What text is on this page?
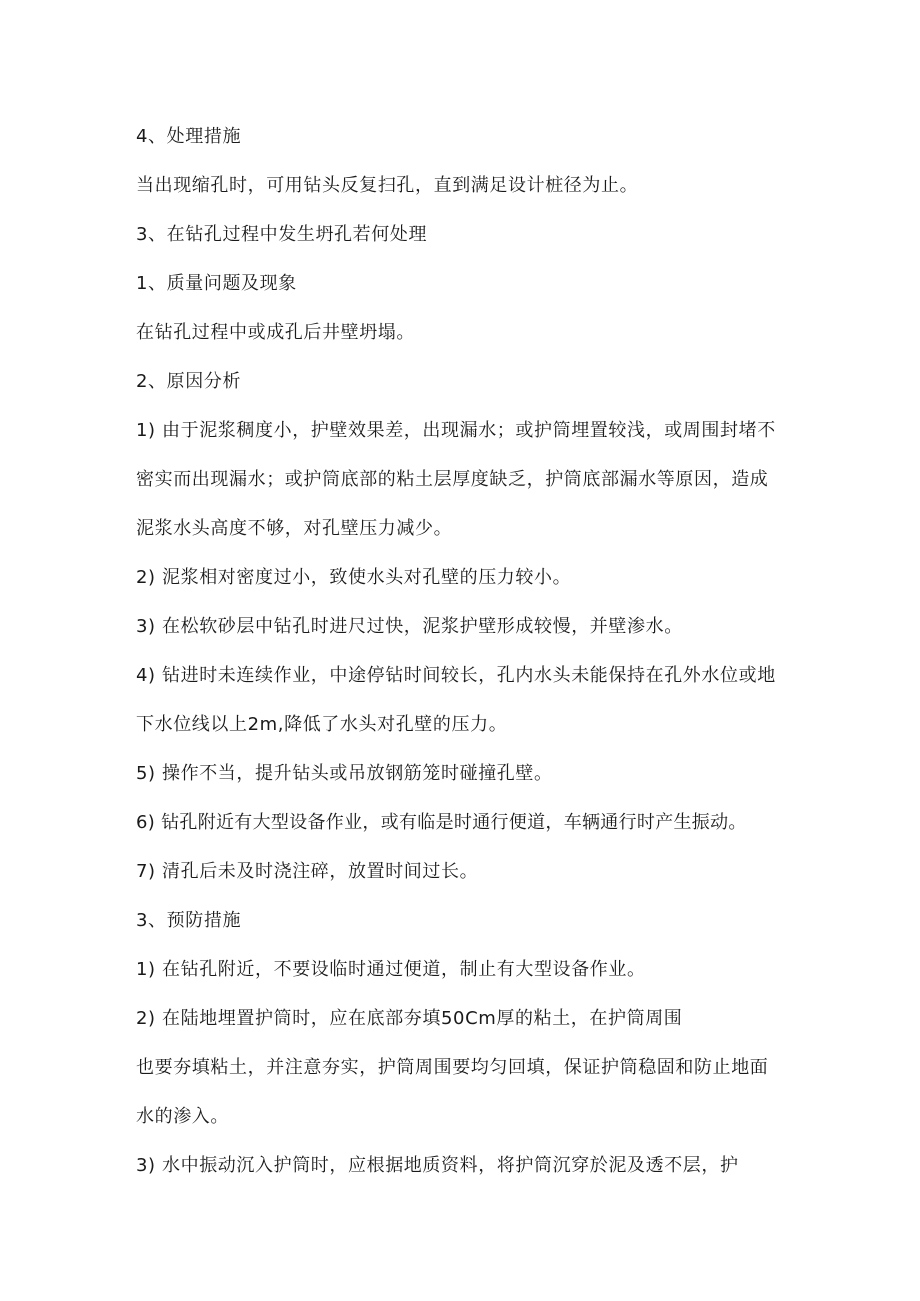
4、处理措施

当出现缩孔时，可用钻头反复扫孔，直到满足设计桩径为止。

3、在钻孔过程中发生坍孔若何处理

1、质量问题及现象

在钻孔过程中或成孔后井壁坍塌。

2、原因分析

1) 由于泥浆稠度小，护壁效果差，出现漏水；或护筒埋置较浅，或周围封堵不密实而出现漏水；或护筒底部的粘土层厚度缺乏，护筒底部漏水等原因，造成泥浆水头高度不够，对孔壁压力减少。

2) 泥浆相对密度过小，致使水头对孔壁的压力较小。

3) 在松软砂层中钻孔时进尺过快，泥浆护壁形成较慢，并壁渗水。

4) 钻进时未连续作业，中途停钻时间较长，孔内水头未能保持在孔外水位或地下水位线以上2m,降低了水头对孔壁的压力。

5) 操作不当，提升钻头或吊放钢筋笼时碰撞孔壁。

6) 钻孔附近有大型设备作业，或有临是时通行便道，车辆通行时产生振动。

7) 清孔后未及时浇注碎，放置时间过长。

3、预防措施

1) 在钻孔附近，不要设临时通过便道，制止有大型设备作业。

2) 在陆地埋置护筒时，应在底部夯填50Cm厚的粘土，在护筒周围

也要夯填粘土，并注意夯实，护筒周围要均匀回填，保证护筒稳固和防止地面水的渗入。

3) 水中振动沉入护筒时，应根据地质资料，将护筒沉穿於泥及透不层，护
